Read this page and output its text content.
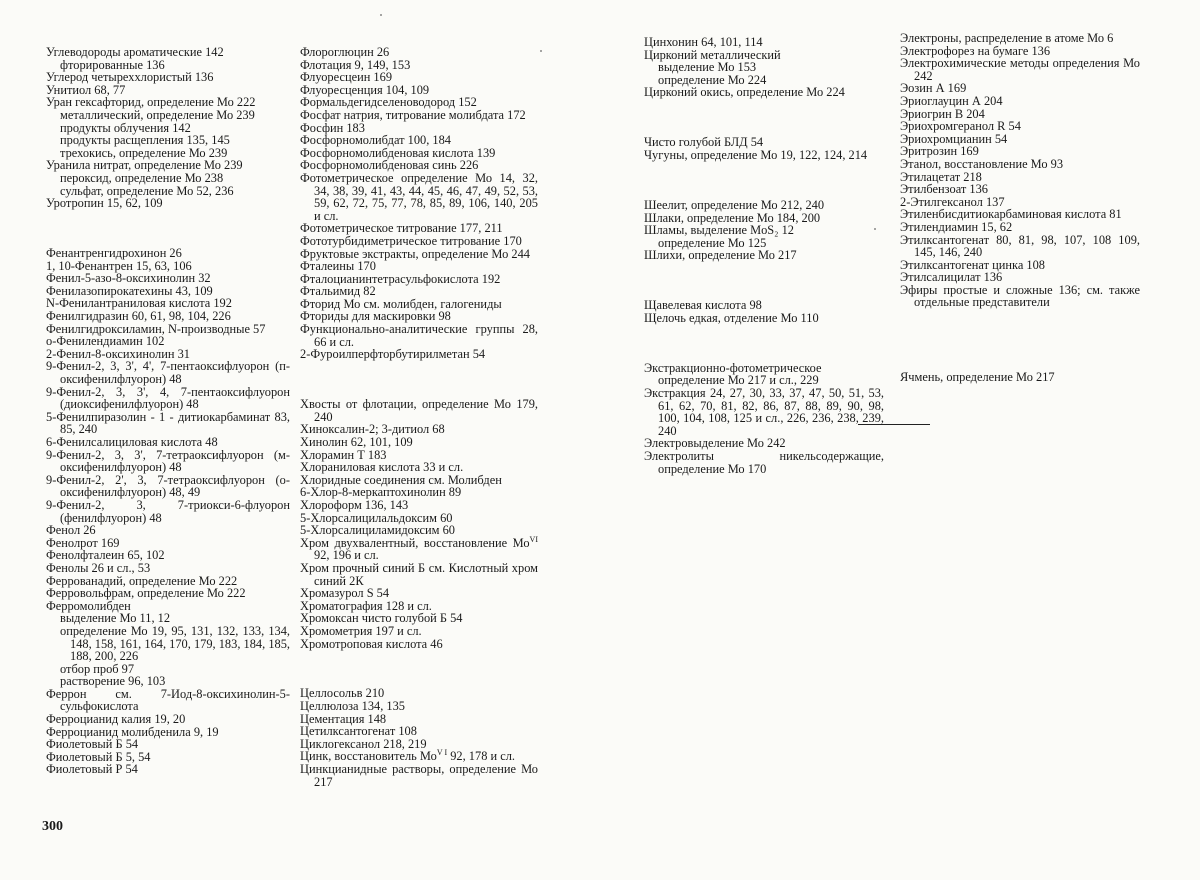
Углеводороды ароматические 142

фторированные 136

Углерод четыреххлористый 136

Унитиол 68, 77

Уран гексафторид, определение Мо 222

металлический, определение Мо 239

продукты облучения 142

продукты расщепления 135, 145

трехокись, определение Мо 239

Уранила нитрат, определение Мо 239

пероксид, определение Мо 238

сульфат, определение Мо 52, 236

Уротропин 15, 62, 109

Фенантренгидрохинон 26

1, 10-Фенантрен 15, 63, 106

Фенил-5-азо-8-оксихинолин 32

Фенилазопирокатехины 43, 109

N-Фенилантраниловая кислота 192

Фенилгидразин 60, 61, 98, 104, 226

Фенилгидроксиламин, N-производные 57

о-Фенилендиамин 102

2-Фенил-8-оксихинолин 31

9-Фенил-2, 3, 3', 4', 7-пентаоксифлуорон (п-оксифенилфлуорон) 48

9-Фенил-2, 3, 3', 4, 7-пентаоксифлуорон (диоксифенилфлуорон) 48

5-Фенилпиразолин - 1 - дитиокарбаминат 83, 85, 240

6-Фенилсалициловая кислота 48

9-Фенил-2, 3, 3', 7-тетраоксифлуорон (м-оксифенилфлуорон) 48

9-Фенил-2, 2', 3, 7-тетраоксифлуорон (о-оксифенилфлуорон) 48, 49

9-Фенил-2, 3, 7-триокси-6-флуорон (фенилфлуорон) 48

Фенол 26

Фенолрот 169

Фенолфталеин 65, 102

Фенолы 26 и сл., 53

Феррованадий, определение Мо 222

Ферровольфрам, определение Мо 222

Ферромолибден

выделение Мо 11, 12

определение Мо 19, 95, 131, 132, 133, 134, 148, 158, 161, 164, 170, 179, 183, 184, 185, 188, 200, 226

отбор проб 97

растворение 96, 103

Феррон см. 7-Иод-8-оксихинолин-5-сульфокислота

Ферроцианид калия 19, 20

Ферроцианид молибденила 9, 19

Фиолетовый Б 54

Фиолетовый Б 5, 54

Фиолетовый Р 54

Флороглюцин 26

Флотация 9, 149, 153

Флуоресцеин 169

Флуоресценция 104, 109

Формальдегидселеноводород 152

Фосфат натрия, титрование молибдата 172

Фосфин 183

Фосфорномолибдат 100, 184

Фосфорномолибденовая кислота 139

Фосфорномолибденовая синь 226

Фотометрическое определение Мо 14, 32, 34, 38, 39, 41, 43, 44, 45, 46, 47, 49, 52, 53, 59, 62, 72, 75, 77, 78, 85, 89, 106, 140, 205 и сл.

Фотометрическое титрование 177, 211

Фототурбидиметрическое титрование 170

Фруктовые экстракты, определение Мо 244

Фталеины 170

Фталоцианинтетрасульфокислота 192

Фтальимид 82

Фторид Мо см. молибден, галогениды

Фториды для маскировки 98

Функционально-аналитические группы 28, 66 и сл.

2-Фуроилперфторбутирилметан 54

Хвосты от флотации, определение Мо 179, 240

Хиноксалин-2; 3-дитиол 68

Хинолин 62, 101, 109

Хлорамин Т 183

Хлораниловая кислота 33 и сл.

Хлоридные соединения см. Молибден

6-Хлор-8-меркаптохинолин 89

Хлороформ 136, 143

5-Хлорсалицилальдоксим 60

5-Хлорсалициламидоксим 60

Хром двухвалентный, восстановление $Мо^{VI}$ 92, 196 и сл.

Хром прочный синий Б см. Кислотный хром синий 2К

Хромазурол S 54

Хроматография 128 и сл.

Хромоксан чисто голубой Б 54

Хромометрия 197 и сл.

Хромотроповая кислота 46

Целлосольв 210

Целлюлоза 134, 135

Цементация 148

Цетилксантогенат 108

Циклогексанол 218, 219

Цинк, восстановитель $Мо^{V I}$ 92, 178 и сл.

Цинкцианидные растворы, определение Мо 217

Цинхонин 64, 101, 114

Цирконий металлический

выделение Мо 153

определение Мо 224

Цирконий окись, определение Мо 224

Чисто голубой БЛД 54

Чугуны, определение Мо 19, 122, 124, 214

Шеелит, определение Мо 212, 240

Шлаки, определение Мо 184, 200

Шламы, выделение MoS₂ 12

определение Мо 125

Шлихи, определение Мо 217

Щавелевая кислота 98

Щелочь едкая, отделение Мо 110

Экстракционно-фотометрическое определение Мо 217 и сл., 229

Экстракция 24, 27, 30, 33, 37, 47, 50, 51, 53, 61, 62, 70, 81, 82, 86, 87, 88, 89, 90, 98, 100, 104, 108, 125 и сл., 226, 236, 238, 239, 240

Электровыделение Мо 242

Электролиты никельсодержащие, определение Мо 170

Электроны, распределение в атоме Мо 6

Электрофорез на бумаге 136

Электрохимические методы определения Мо 242

Эозин А 169

Эриоглауцин А 204

Эриогрин В 204

Эриохромгеранол R 54

Эриохромцианин 54

Эритрозин 169

Этанол, восстановление Мо 93

Этилацетат 218

Этилбензоат 136

2-Этилгексанол 137

Этиленбисдитиокарбаминовая кислота 81

Этилендиамин 15, 62

Этилксантогенат 80, 81, 98, 107, 108 109, 145, 146, 240

Этилксантогенат цинка 108

Этилсалицилат 136

Эфиры простые и сложные 136; см. также отдельные представители

Ячмень, определение Мо 217

300
